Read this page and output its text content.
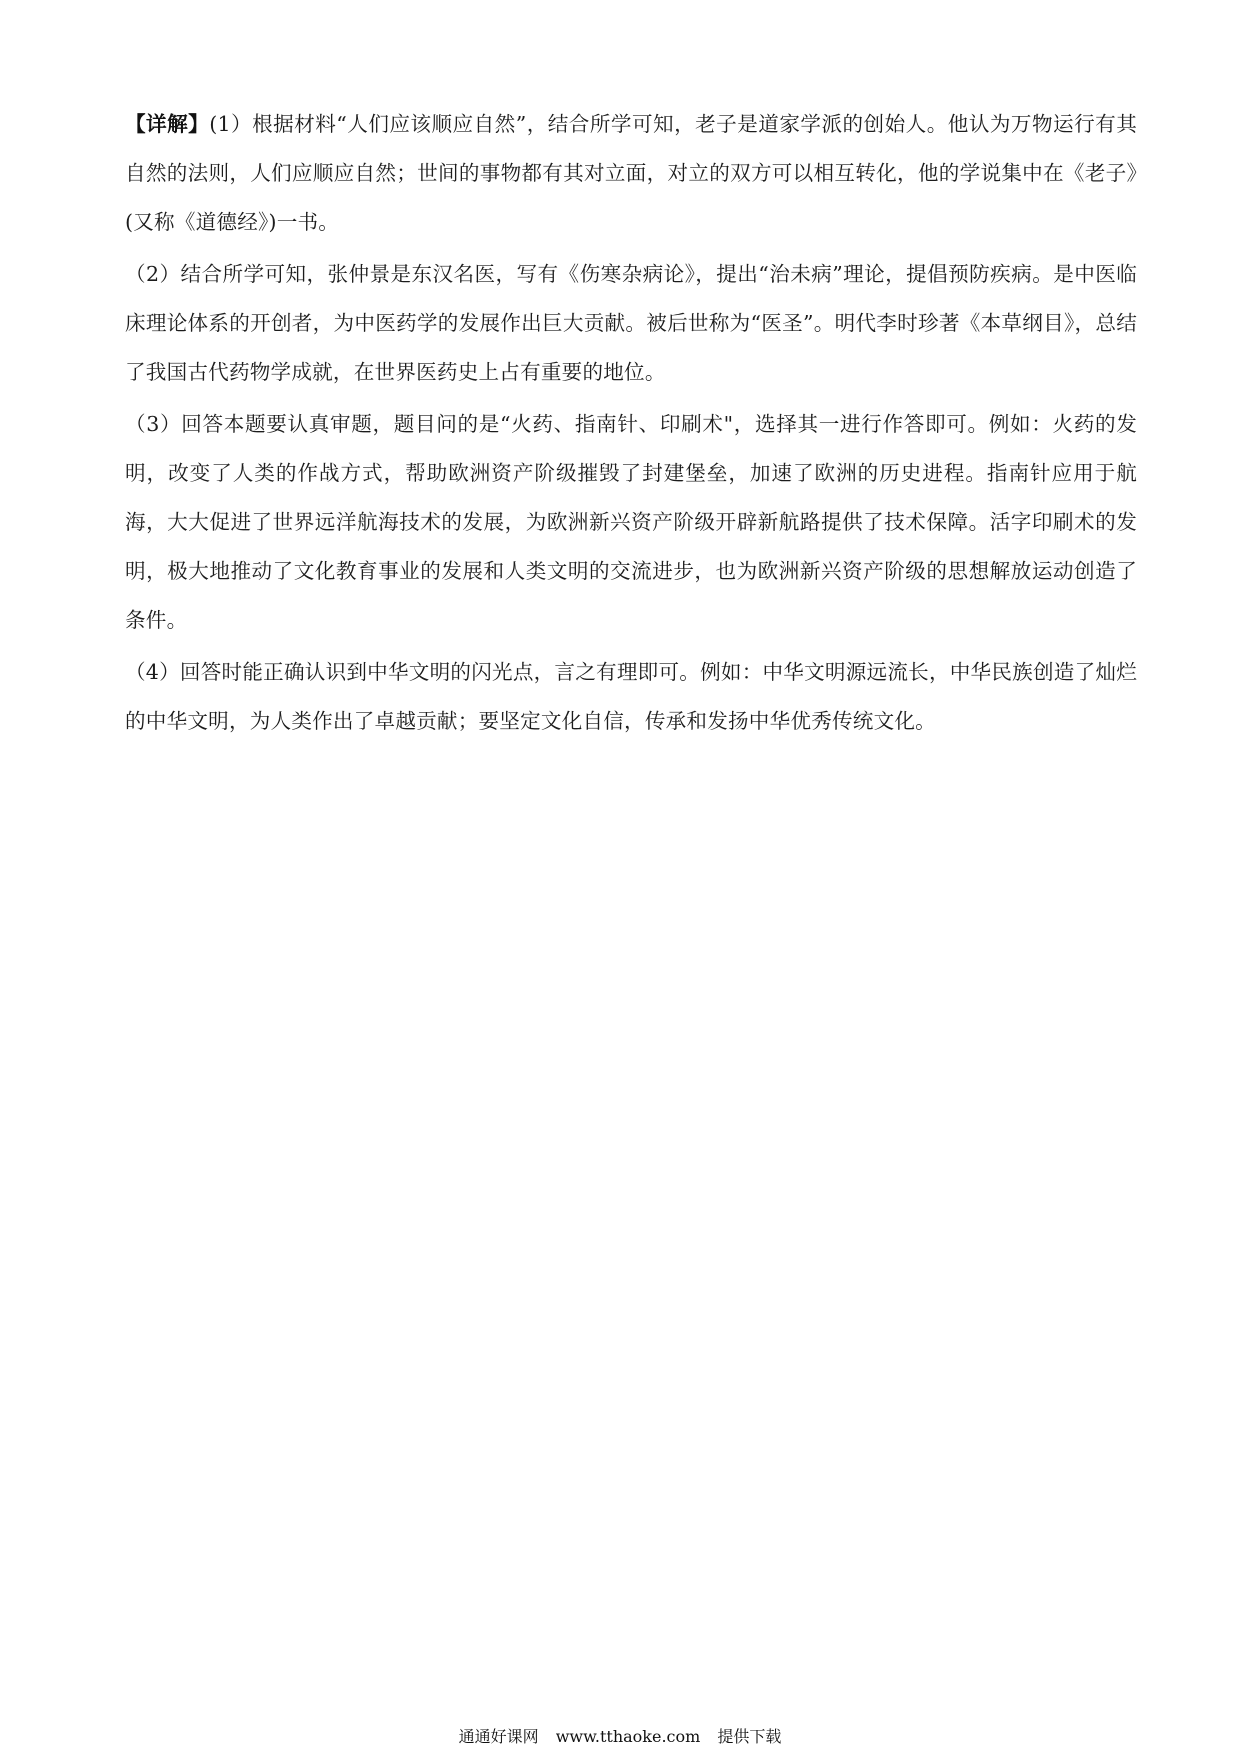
【详解】(1）根据材料“人们应该顺应自然”，结合所学可知，老子是道家学派的创始人。他认为万物运行有其自然的法则，人们应顺应自然；世间的事物都有其对立面，对立的双方可以相互转化，他的学说集中在《老子》(又称《道德经》)一书。

（2）结合所学可知，张仲景是东汉名医，写有《伤寒杂病论》，提出“治未病”理论，提倡预防疾病。是中医临床理论体系的开创者，为中医药学的发展作出巨大贡献。被后世称为“医圣”。明代李时珍著《本草纲目》，总结了我国古代药物学成就，在世界医药史上占有重要的地位。

（3）回答本题要认真审题，题目问的是“火药、指南针、印刷术"，选择其一进行作答即可。例如：火药的发明，改变了人类的作战方式，帮助欧洲资产阶级摧毁了封建堡垒，加速了欧洲的历史进程。指南针应用于航海，大大促进了世界远洋航海技术的发展，为欧洲新兴资产阶级开辟新航路提供了技术保障。活字印刷术的发明，极大地推动了文化教育事业的发展和人类文明的交流进步，也为欧洲新兴资产阶级的思想解放运动创造了条件。

（4）回答时能正确认识到中华文明的闪光点，言之有理即可。例如：中华文明源远流长，中华民族创造了灿烂的中华文明，为人类作出了卓越贡献；要坚定文化自信，传承和发扬中华优秀传统文化。

通通好课网 www.tthaoke.com 提供下载
